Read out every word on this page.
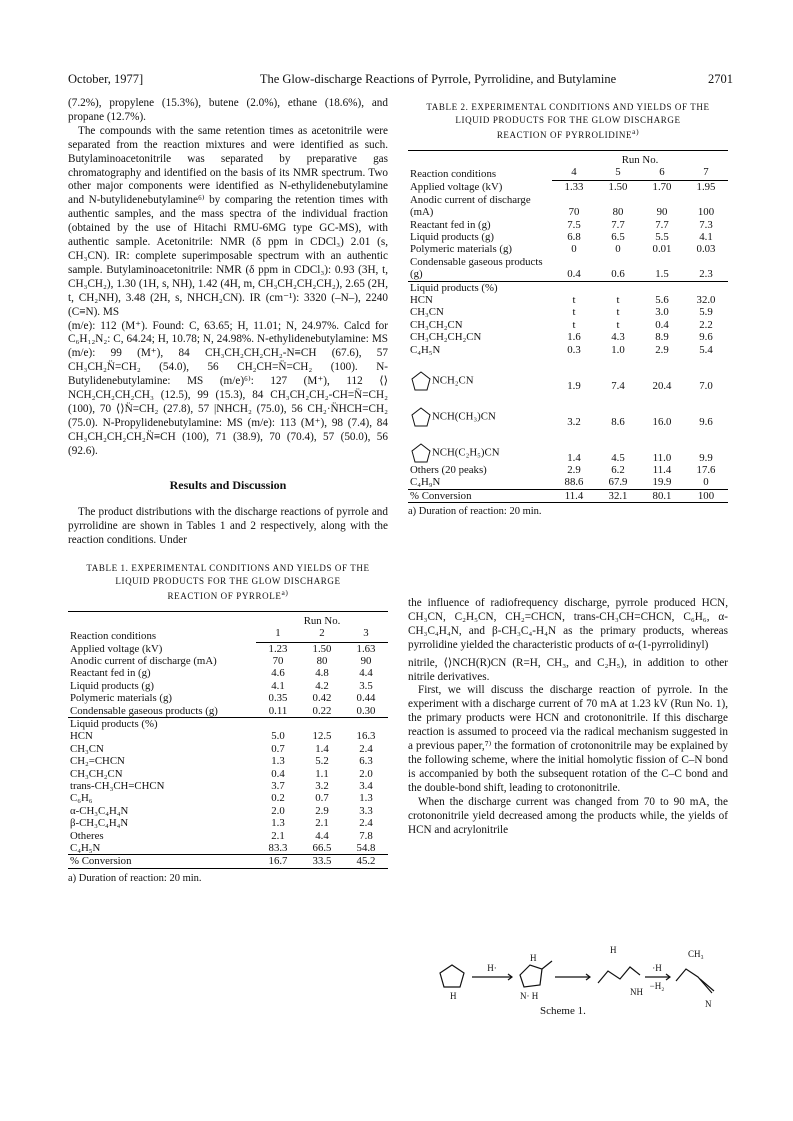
October, 1977]	The Glow-discharge Reactions of Pyrrole, Pyrrolidine, and Butylamine	2701

(7.2%), propylene (15.3%), butene (2.0%), ethane (18.6%), and propane (12.7%).

The compounds with the same retention times as acetonitrile were separated from the reaction mixtures and were identified as such. Butylaminoacetonitrile was separated by preparative gas chromatography and identified on the basis of its NMR spectrum. Two other major components were identified as N-ethylidenebutylamine and N-butylidenebutylamine⁶⁾ by comparing the retention times with authentic samples, and the mass spectra of the individual fraction (obtained by the use of Hitachi RMU-6MG type GC-MS), with authentic sample. Acetonitrile: NMR (δ ppm in CDCl₃) 2.01 (s, CH₃CN). IR: complete superimposable spectrum with an authentic sample. Butylaminoacetonitrile: NMR (δ ppm in CDCl₃): 0.93 (3H, t, CH₃CH₂), 1.30 (1H, s, NH), 1.42 (4H, m, CH₃CH₂CH₂CH₂), 2.65 (2H, t, CH₂NH), 3.48 (2H, s, NHCH₂CN). IR (cm⁻¹): 3320 (–N–), 2240 (C≡N). MS

(m/e): 112 (M⁺). Found: C, 63.65; H, 11.01; N, 24.97%. Calcd for C₆H₁₂N₂: C, 64.24; H, 10.78; N, 24.98%. N-ethylidenebutylamine: MS (m/e): 99 (M⁺), 84 CH₃CH₂CH₂CH₂-N≡CH (67.6), 57 CH₃CH₂N̈=CH₂ (54.0), 56 CH₂CH=N̈=CH₂ (100). N-Butylidenebutylamine: MS (m/e)⁶⁾: 127 (M⁺), 112 ⟨⟩NCH₂CH₂CH₂CH₃ (12.5), 99 (15.3), 84 CH₃CH₂CH₂-CH=N̈=CH₂ (100), 70 ⟨⟩N̈=CH₂ (27.8), 57 |NHCH₂ (75.0), 56 CH₂·N̈HCH=CH₂ (75.0). N-Propylidenebutylamine: MS (m/e): 113 (M⁺), 98 (7.4), 84 CH₃CH₂CH₂CH₂N̈≡CH (100), 71 (38.9), 70 (70.4), 57 (50.0), 56 (92.6).

Results and Discussion

The product distributions with the discharge reactions of pyrrole and pyrrolidine are shown in Tables 1 and 2 respectively, along with the reaction conditions. Under

TABLE 1. EXPERIMENTAL CONDITIONS AND YIELDS OF THE
LIQUID PRODUCTS FOR THE GLOW DISCHARGE
REACTION OF PYRROLE$^{a)}$
Reaction conditions	Run No.		
	1	2	3
Applied voltage (kV)	1.23	1.50	1.63
Anodic current of discharge (mA)	70	80	90
Reactant fed in (g)	4.6	4.8	4.4
Liquid products (g)	4.1	4.2	3.5
Polymeric materials (g)	0.35	0.42	0.44
Condensable gaseous products (g)	0.11	0.22	0.30
Liquid products (%)			
HCN	5.0	12.5	16.3
CH₃CN	0.7	1.4	2.4
CH₂=CHCN	1.3	5.2	6.3
CH₃CH₂CN	0.4	1.1	2.0
trans-CH₃CH=CHCN	3.7	3.2	3.4
C₆H₆	0.2	0.7	1.3
α-CH₃C₄H₄N	2.0	2.9	3.3
β-CH₃C₄H₄N	1.3	2.1	2.4
Otheres	2.1	4.4	7.8
C₄H₅N	83.3	66.5	54.8
% Conversion	16.7	33.5	45.2
a) Duration of reaction: 20 min.
TABLE 2. EXPERIMENTAL CONDITIONS AND YIELDS OF THE
LIQUID PRODUCTS FOR THE GLOW DISCHARGE
REACTION OF PYRROLIDINE$^{a)}$
Reaction conditions	Run No.			
	4	5	6	7
Applied voltage (kV)	1.33	1.50	1.70	1.95
Anodic current of discharge (mA)	70	80	90	100
Reactant fed in (g)	7.5	7.7	7.7	7.3
Liquid products (g)	6.8	6.5	5.5	4.1
Polymeric materials (g)	0	0	0.01	0.03
Condensable gaseous products (g)	0.4	0.6	1.5	2.3
Liquid products (%)				
HCN	t	t	5.6	32.0
CH₃CN	t	t	3.0	5.9
CH₃CH₂CN	t	t	0.4	2.2
CH₃CH₂CH₂CN	1.6	4.3	8.9	9.6
C₄H₅N	0.3	1.0	2.9	5.4
NCH₂CN	1.9	7.4	20.4	7.0
NCH(CH₃)CN	3.2	8.6	16.0	9.6
NCH(C₂H₅)CN	1.4	4.5	11.0	9.9
Others (20 peaks)	2.9	6.2	11.4	17.6
C₄H₉N	88.6	67.9	19.9	0
% Conversion	11.4	32.1	80.1	100
a) Duration of reaction: 20 min.

the influence of radiofrequency discharge, pyrrole produced HCN, CH₃CN, C₂H₅CN, CH₂=CHCN, trans-CH₃CH=CHCN, C₆H₆, α-CH₃C₄H₄N, and β-CH₃C₄-H₄N as the primary products, whereas pyrrolidine yielded the characteristic products of α-(1-pyrrolidinyl)

nitrile, ⟨⟩NCH(R)CN (R=H, CH₃, and C₂H₅), in addition to other nitrile derivatives.

First, we will discuss the discharge reaction of pyrrole. In the experiment with a discharge current of 70 mA at 1.23 kV (Run No. 1), the primary products were HCN and crotononitrile. If this discharge reaction is assumed to proceed via the radical mechanism suggested in a previous paper,⁷⁾ the formation of crotononitrile may be explained by the following scheme, where the initial homolytic fission of C–N bond is accompanied by both the subsequent rotation of the C–C bond and the double-bond shift, leading to crotononitrile.

When the discharge current was changed from 70 to 90 mA, the crotononitrile yield decreased among the products while, the yields of HCN and acrylonitrile

H·
H
H
N· H
H
NH
·H
−H₂
CH₃
N
Scheme 1.
